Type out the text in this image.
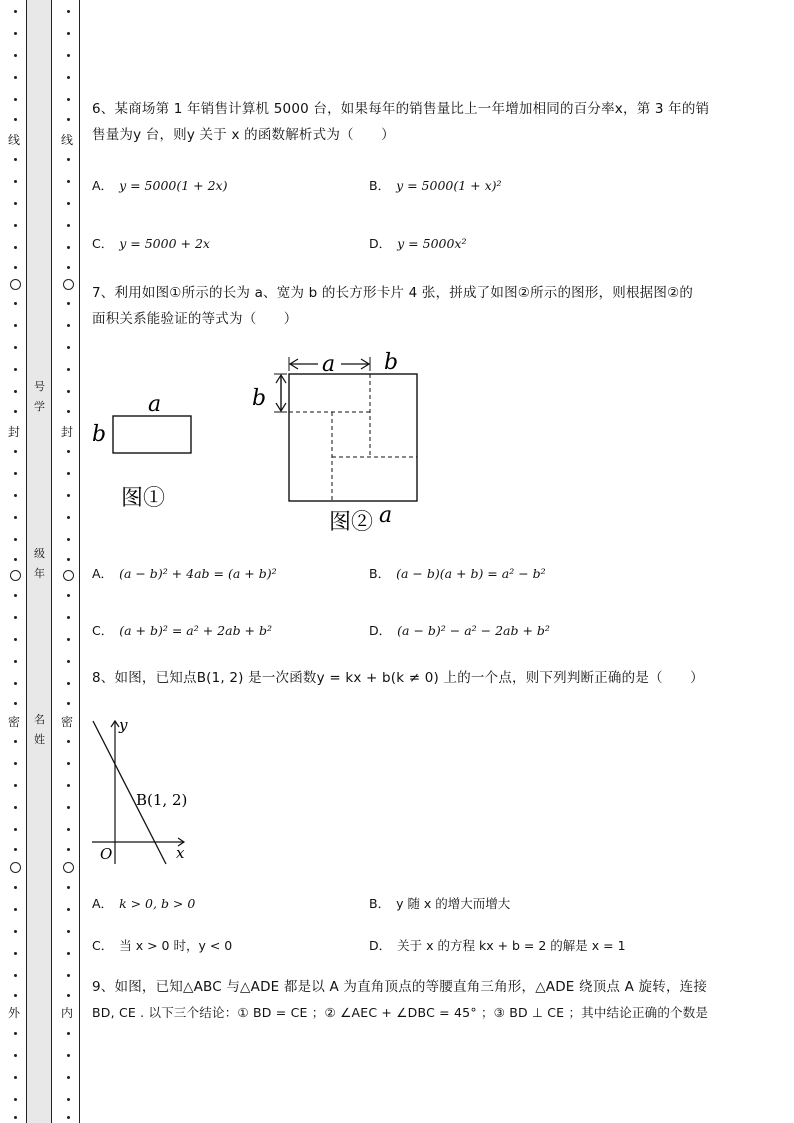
线
封
密
外
号
学
级
年
名
姓
线
封
密
内
6、某商场第 1 年销售计算机 5000 台，如果每年的销售量比上一年增加相同的百分率x，第 3 年的销
售量为y 台，则y 关于 x 的函数解析式为（　　）
A． y = 5000(1 + 2x)	B． y = 5000(1 + x)²
C． y = 5000 + 2x	D． y = 5000x²
7、利用如图①所示的长为 a、宽为 b 的长方形卡片 4 张，拼成了如图②所示的图形，则根据图②的
面积关系能验证的等式为（　　）
a
b
图①
a b
b
图② a
A． (a − b)² + 4ab = (a + b)²	B． (a − b)(a + b) = a² − b²
C． (a + b)² = a² + 2ab + b²	D． (a − b)² − a² − 2ab + b²
8、如图，已知点B(1, 2) 是一次函数y = kx + b(k ≠ 0) 上的一个点，则下列判断正确的是（　　）
y
x
O
B(1, 2)
A． k > 0, b > 0	B． y 随 x 的增大而增大
C． 当 x > 0 时，y < 0	D． 关于 x 的方程 kx + b = 2 的解是 x = 1
9、如图，已知△ABC 与△ADE 都是以 A 为直角顶点的等腰直角三角形，△ADE 绕顶点 A 旋转，连接
BD, CE . 以下三个结论：① BD = CE ；② ∠AEC + ∠DBC = 45° ；③ BD ⊥ CE ；其中结论正确的个数是
